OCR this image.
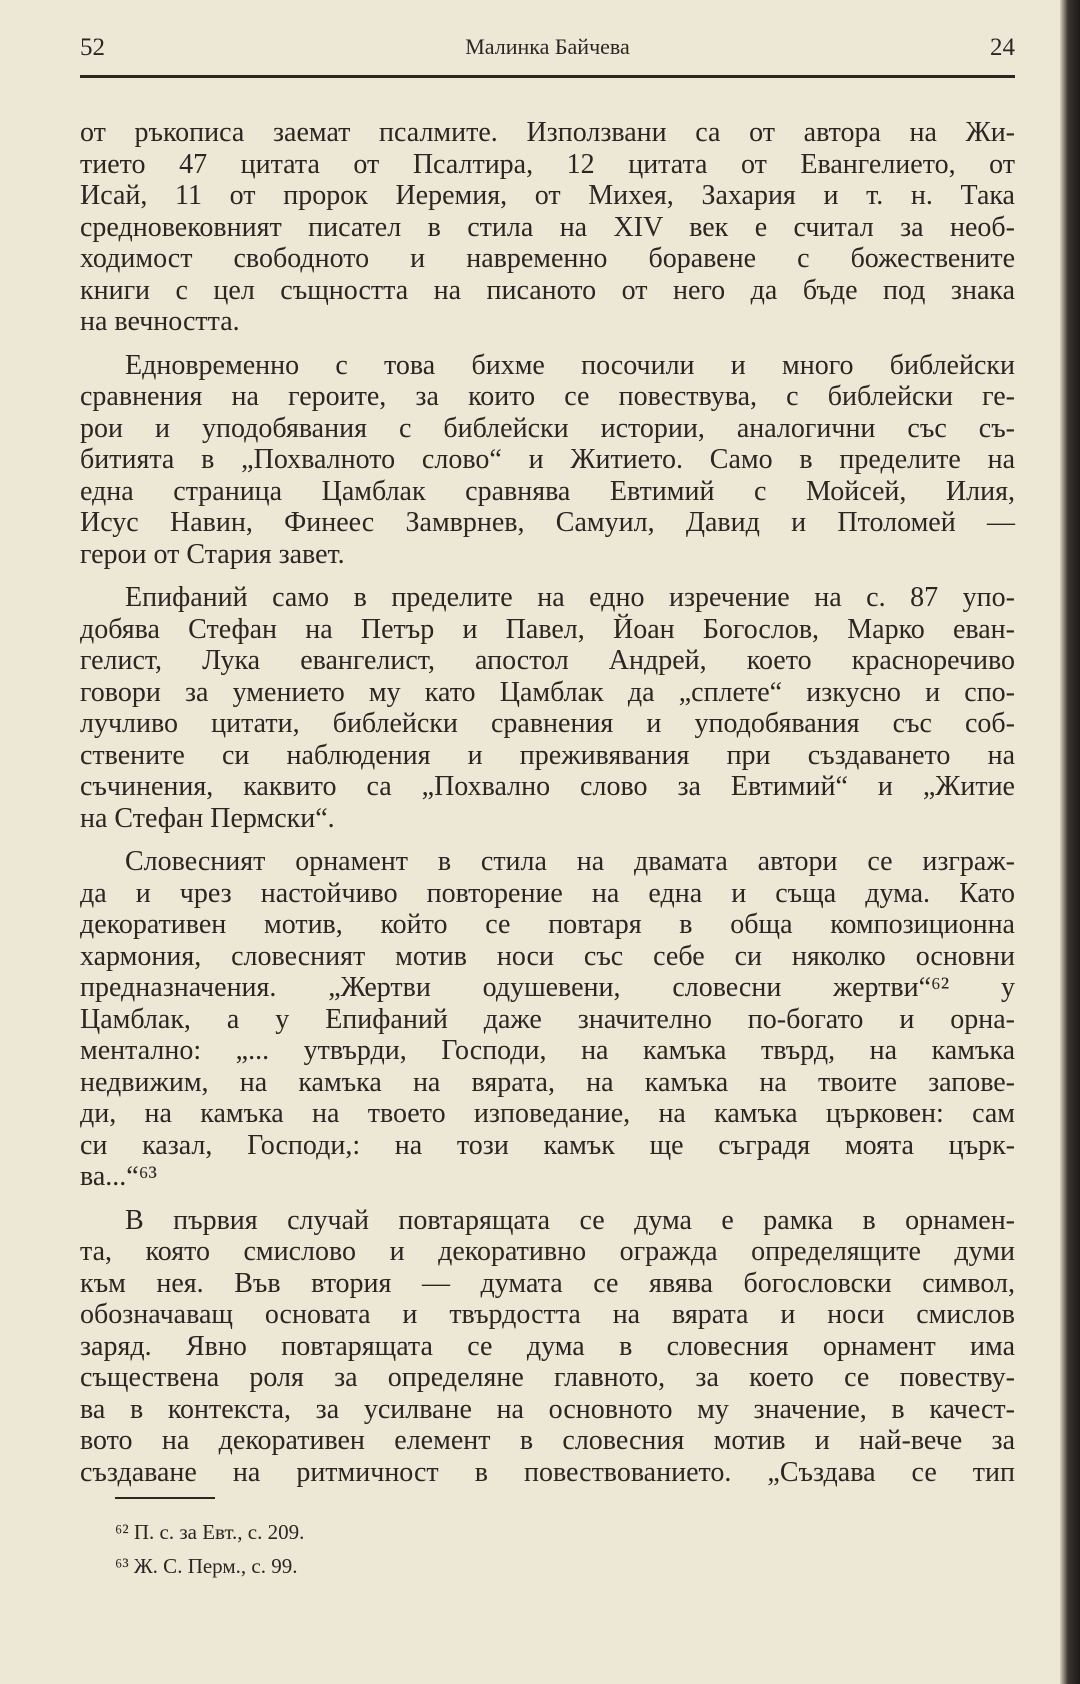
52	Малинка Байчева	24
от ръкописа заемат псалмите. Използвани са от автора на Жи-
тието 47 цитата от Псалтира, 12 цитата от Евангелието, от
Исай, 11 от пророк Иеремия, от Михея, Захария и т. н. Така
средновековният писател в стила на XIV век е считал за необ-
ходимост свободното и навременно боравене с божествените
книги с цел същността на писаното от него да бъде под знака
на вечността.
Едновременно с това бихме посочили и много библейски
сравнения на героите, за които се повествува, с библейски ге-
рои и уподобявания с библейски истории, аналогични със съ-
битията в „Похвалното слово“ и Житието. Само в пределите на
една страница Цамблак сравнява Евтимий с Мойсей, Илия,
Исус Навин, Финеес Замврнев, Самуил, Давид и Птоломей —
герои от Стария завет.
Епифаний само в пределите на едно изречение на с. 87 упо-
добява Стефан на Петър и Павел, Йоан Богослов, Марко еван-
гелист, Лука евангелист, апостол Андрей, което красноречиво
говори за умението му като Цамблак да „сплете“ изкусно и спо-
лучливо цитати, библейски сравнения и уподобявания със соб-
ствените си наблюдения и преживявания при създаването на
съчинения, каквито са „Похвално слово за Евтимий“ и „Житие
на Стефан Пермски“.
Словесният орнамент в стила на двамата автори се изграж-
да и чрез настойчиво повторение на една и съща дума. Като
декоративен мотив, който се повтаря в обща композиционна
хармония, словесният мотив носи със себе си няколко основни
предназначения. „Жертви одушевени, словесни жертви“⁶² у
Цамблак, а у Епифаний даже значително по-богато и орна-
ментално: „... утвърди, Господи, на камъка твърд, на камъка
недвижим, на камъка на вярата, на камъка на твоите запове-
ди, на камъка на твоето изповедание, на камъка църковен: сам
си казал, Господи,: на този камък ще съградя моята църк-
ва...“⁶³
В първия случай повтарящата се дума е рамка в орнамен-
та, която смислово и декоративно огражда определящите думи
към нея. Във втория — думата се явява богословски символ,
обозначаващ основата и твърдостта на вярата и носи смислов
заряд. Явно повтарящата се дума в словесния орнамент има
съществена роля за определяне главното, за което се повеству-
ва в контекста, за усилване на основното му значение, в качест-
вото на декоративен елемент в словесния мотив и най-вече за
създаване на ритмичност в повествованието. „Създава се тип
⁶² П. с. за Евт., с. 209.
⁶³ Ж. С. Перм., с. 99.
